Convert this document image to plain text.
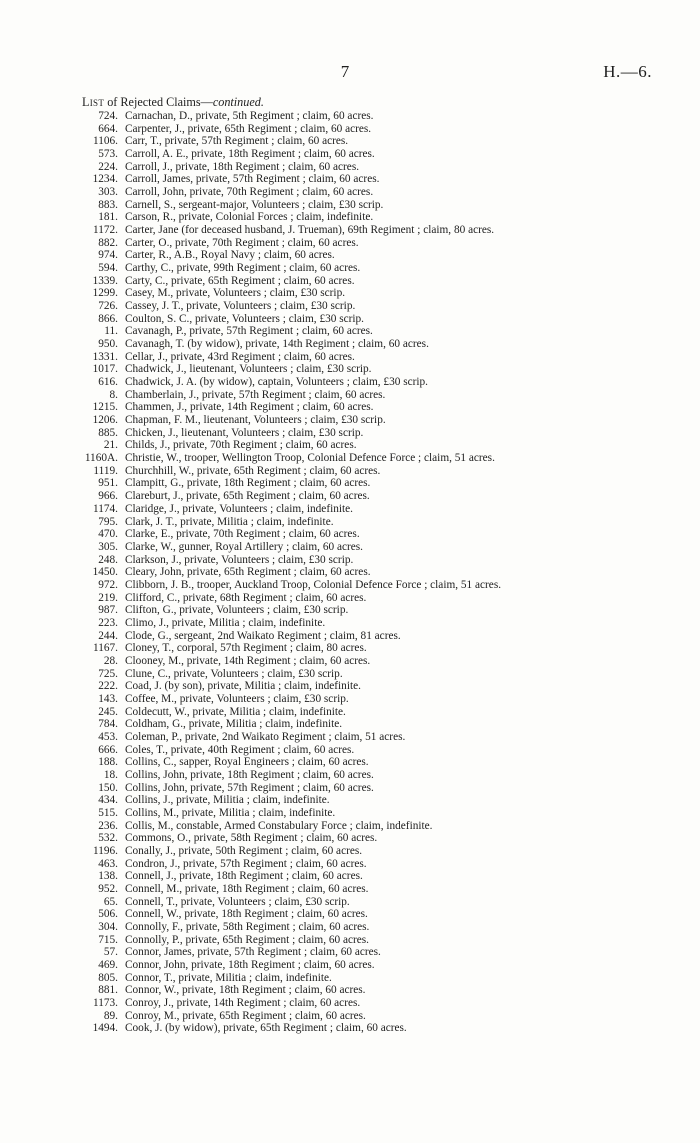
7	H.—6.
List of Rejected Claims—continued.
724. Carnachan, D., private, 5th Regiment ; claim, 60 acres.
664. Carpenter, J., private, 65th Regiment ; claim, 60 acres.
1106. Carr, T., private, 57th Regiment ; claim, 60 acres.
573. Carroll, A. E., private, 18th Regiment ; claim, 60 acres.
224. Carroll, J., private, 18th Regiment ; claim, 60 acres.
1234. Carroll, James, private, 57th Regiment ; claim, 60 acres.
303. Carroll, John, private, 70th Regiment ; claim, 60 acres.
883. Carnell, S., sergeant-major, Volunteers ; claim, £30 scrip.
181. Carson, R., private, Colonial Forces ; claim, indefinite.
1172. Carter, Jane (for deceased husband, J. Trueman), 69th Regiment ; claim, 80 acres.
882. Carter, O., private, 70th Regiment ; claim, 60 acres.
974. Carter, R., A.B., Royal Navy ; claim, 60 acres.
594. Carthy, C., private, 99th Regiment ; claim, 60 acres.
1339. Carty, C., private, 65th Regiment ; claim, 60 acres.
1299. Casey, M., private, Volunteers ; claim, £30 scrip.
726. Cassey, J. T., private, Volunteers ; claim, £30 scrip.
866. Coulton, S. C., private, Volunteers ; claim, £30 scrip.
11. Cavanagh, P., private, 57th Regiment ; claim, 60 acres.
950. Cavanagh, T. (by widow), private, 14th Regiment ; claim, 60 acres.
1331. Cellar, J., private, 43rd Regiment ; claim, 60 acres.
1017. Chadwick, J., lieutenant, Volunteers ; claim, £30 scrip.
616. Chadwick, J. A. (by widow), captain, Volunteers ; claim, £30 scrip.
8. Chamberlain, J., private, 57th Regiment ; claim, 60 acres.
1215. Chammen, J., private, 14th Regiment ; claim, 60 acres.
1206. Chapman, F. M., lieutenant, Volunteers ; claim, £30 scrip.
885. Chicken, J., lieutenant, Volunteers ; claim, £30 scrip.
21. Childs, J., private, 70th Regiment ; claim, 60 acres.
1160A. Christie, W., trooper, Wellington Troop, Colonial Defence Force ; claim, 51 acres.
1119. Churchhill, W., private, 65th Regiment ; claim, 60 acres.
951. Clampitt, G., private, 18th Regiment ; claim, 60 acres.
966. Clareburt, J., private, 65th Regiment ; claim, 60 acres.
1174. Claridge, J., private, Volunteers ; claim, indefinite.
795. Clark, J. T., private, Militia ; claim, indefinite.
470. Clarke, E., private, 70th Regiment ; claim, 60 acres.
305. Clarke, W., gunner, Royal Artillery ; claim, 60 acres.
248. Clarkson, J., private, Volunteers ; claim, £30 scrip.
1450. Cleary, John, private, 65th Regiment ; claim, 60 acres.
972. Clibborn, J. B., trooper, Auckland Troop, Colonial Defence Force ; claim, 51 acres.
219. Clifford, C., private, 68th Regiment ; claim, 60 acres.
987. Clifton, G., private, Volunteers ; claim, £30 scrip.
223. Climo, J., private, Militia ; claim, indefinite.
244. Clode, G., sergeant, 2nd Waikato Regiment ; claim, 81 acres.
1167. Cloney, T., corporal, 57th Regiment ; claim, 80 acres.
28. Clooney, M., private, 14th Regiment ; claim, 60 acres.
725. Clune, C., private, Volunteers ; claim, £30 scrip.
222. Coad, J. (by son), private, Militia ; claim, indefinite.
143. Coffee, M., private, Volunteers ; claim, £30 scrip.
245. Coldecutt, W., private, Militia ; claim, indefinite.
784. Coldham, G., private, Militia ; claim, indefinite.
453. Coleman, P., private, 2nd Waikato Regiment ; claim, 51 acres.
666. Coles, T., private, 40th Regiment ; claim, 60 acres.
188. Collins, C., sapper, Royal Engineers ; claim, 60 acres.
18. Collins, John, private, 18th Regiment ; claim, 60 acres.
150. Collins, John, private, 57th Regiment ; claim, 60 acres.
434. Collins, J., private, Militia ; claim, indefinite.
515. Collins, M., private, Militia ; claim, indefinite.
236. Collis, M., constable, Armed Constabulary Force ; claim, indefinite.
532. Commons, O., private, 58th Regiment ; claim, 60 acres.
1196. Conally, J., private, 50th Regiment ; claim, 60 acres.
463. Condron, J., private, 57th Regiment ; claim, 60 acres.
138. Connell, J., private, 18th Regiment ; claim, 60 acres.
952. Connell, M., private, 18th Regiment ; claim, 60 acres.
65. Connell, T., private, Volunteers ; claim, £30 scrip.
506. Connell, W., private, 18th Regiment ; claim, 60 acres.
304. Connolly, F., private, 58th Regiment ; claim, 60 acres.
715. Connolly, P., private, 65th Regiment ; claim, 60 acres.
57. Connor, James, private, 57th Regiment ; claim, 60 acres.
469. Connor, John, private, 18th Regiment ; claim, 60 acres.
805. Connor, T., private, Militia ; claim, indefinite.
881. Connor, W., private, 18th Regiment ; claim, 60 acres.
1173. Conroy, J., private, 14th Regiment ; claim, 60 acres.
89. Conroy, M., private, 65th Regiment ; claim, 60 acres.
1494. Cook, J. (by widow), private, 65th Regiment ; claim, 60 acres.
